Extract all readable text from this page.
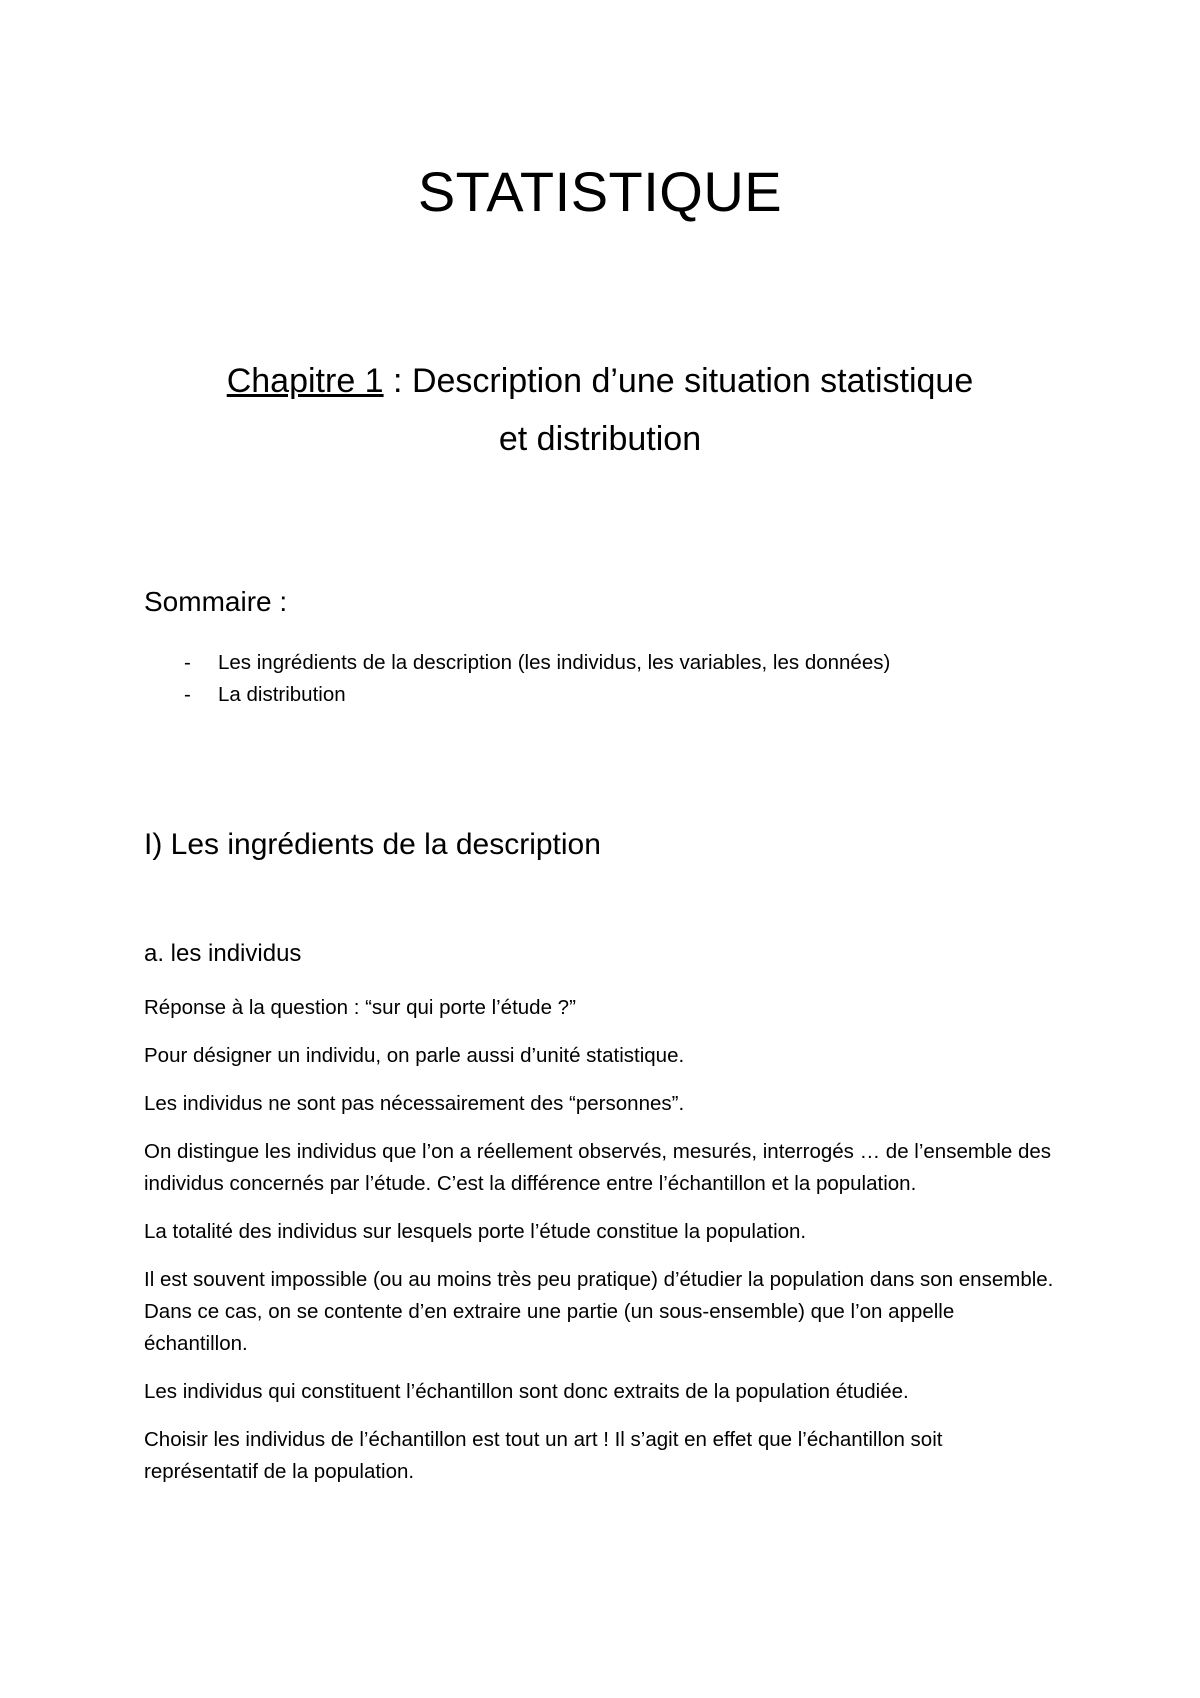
STATISTIQUE
Chapitre 1 : Description d’une situation statistique
et distribution
Sommaire :
- Les ingrédients de la description (les individus, les variables, les données)
- La distribution
I) Les ingrédients de la description
a. les individus

Réponse à la question : “sur qui porte l’étude ?”

Pour désigner un individu, on parle aussi d’unité statistique.

Les individus ne sont pas nécessairement des “personnes”.

On distingue les individus que l’on a réellement observés, mesurés, interrogés … de l’ensemble des individus concernés par l’étude. C’est la différence entre l’échantillon et la population.

La totalité des individus sur lesquels porte l’étude constitue la population.

Il est souvent impossible (ou au moins très peu pratique) d’étudier la population dans son ensemble. Dans ce cas, on se contente d’en extraire une partie (un sous-ensemble) que l’on appelle échantillon.

Les individus qui constituent l’échantillon sont donc extraits de la population étudiée.

Choisir les individus de l’échantillon est tout un art ! Il s’agit en effet que l’échantillon soit représentatif de la population.
